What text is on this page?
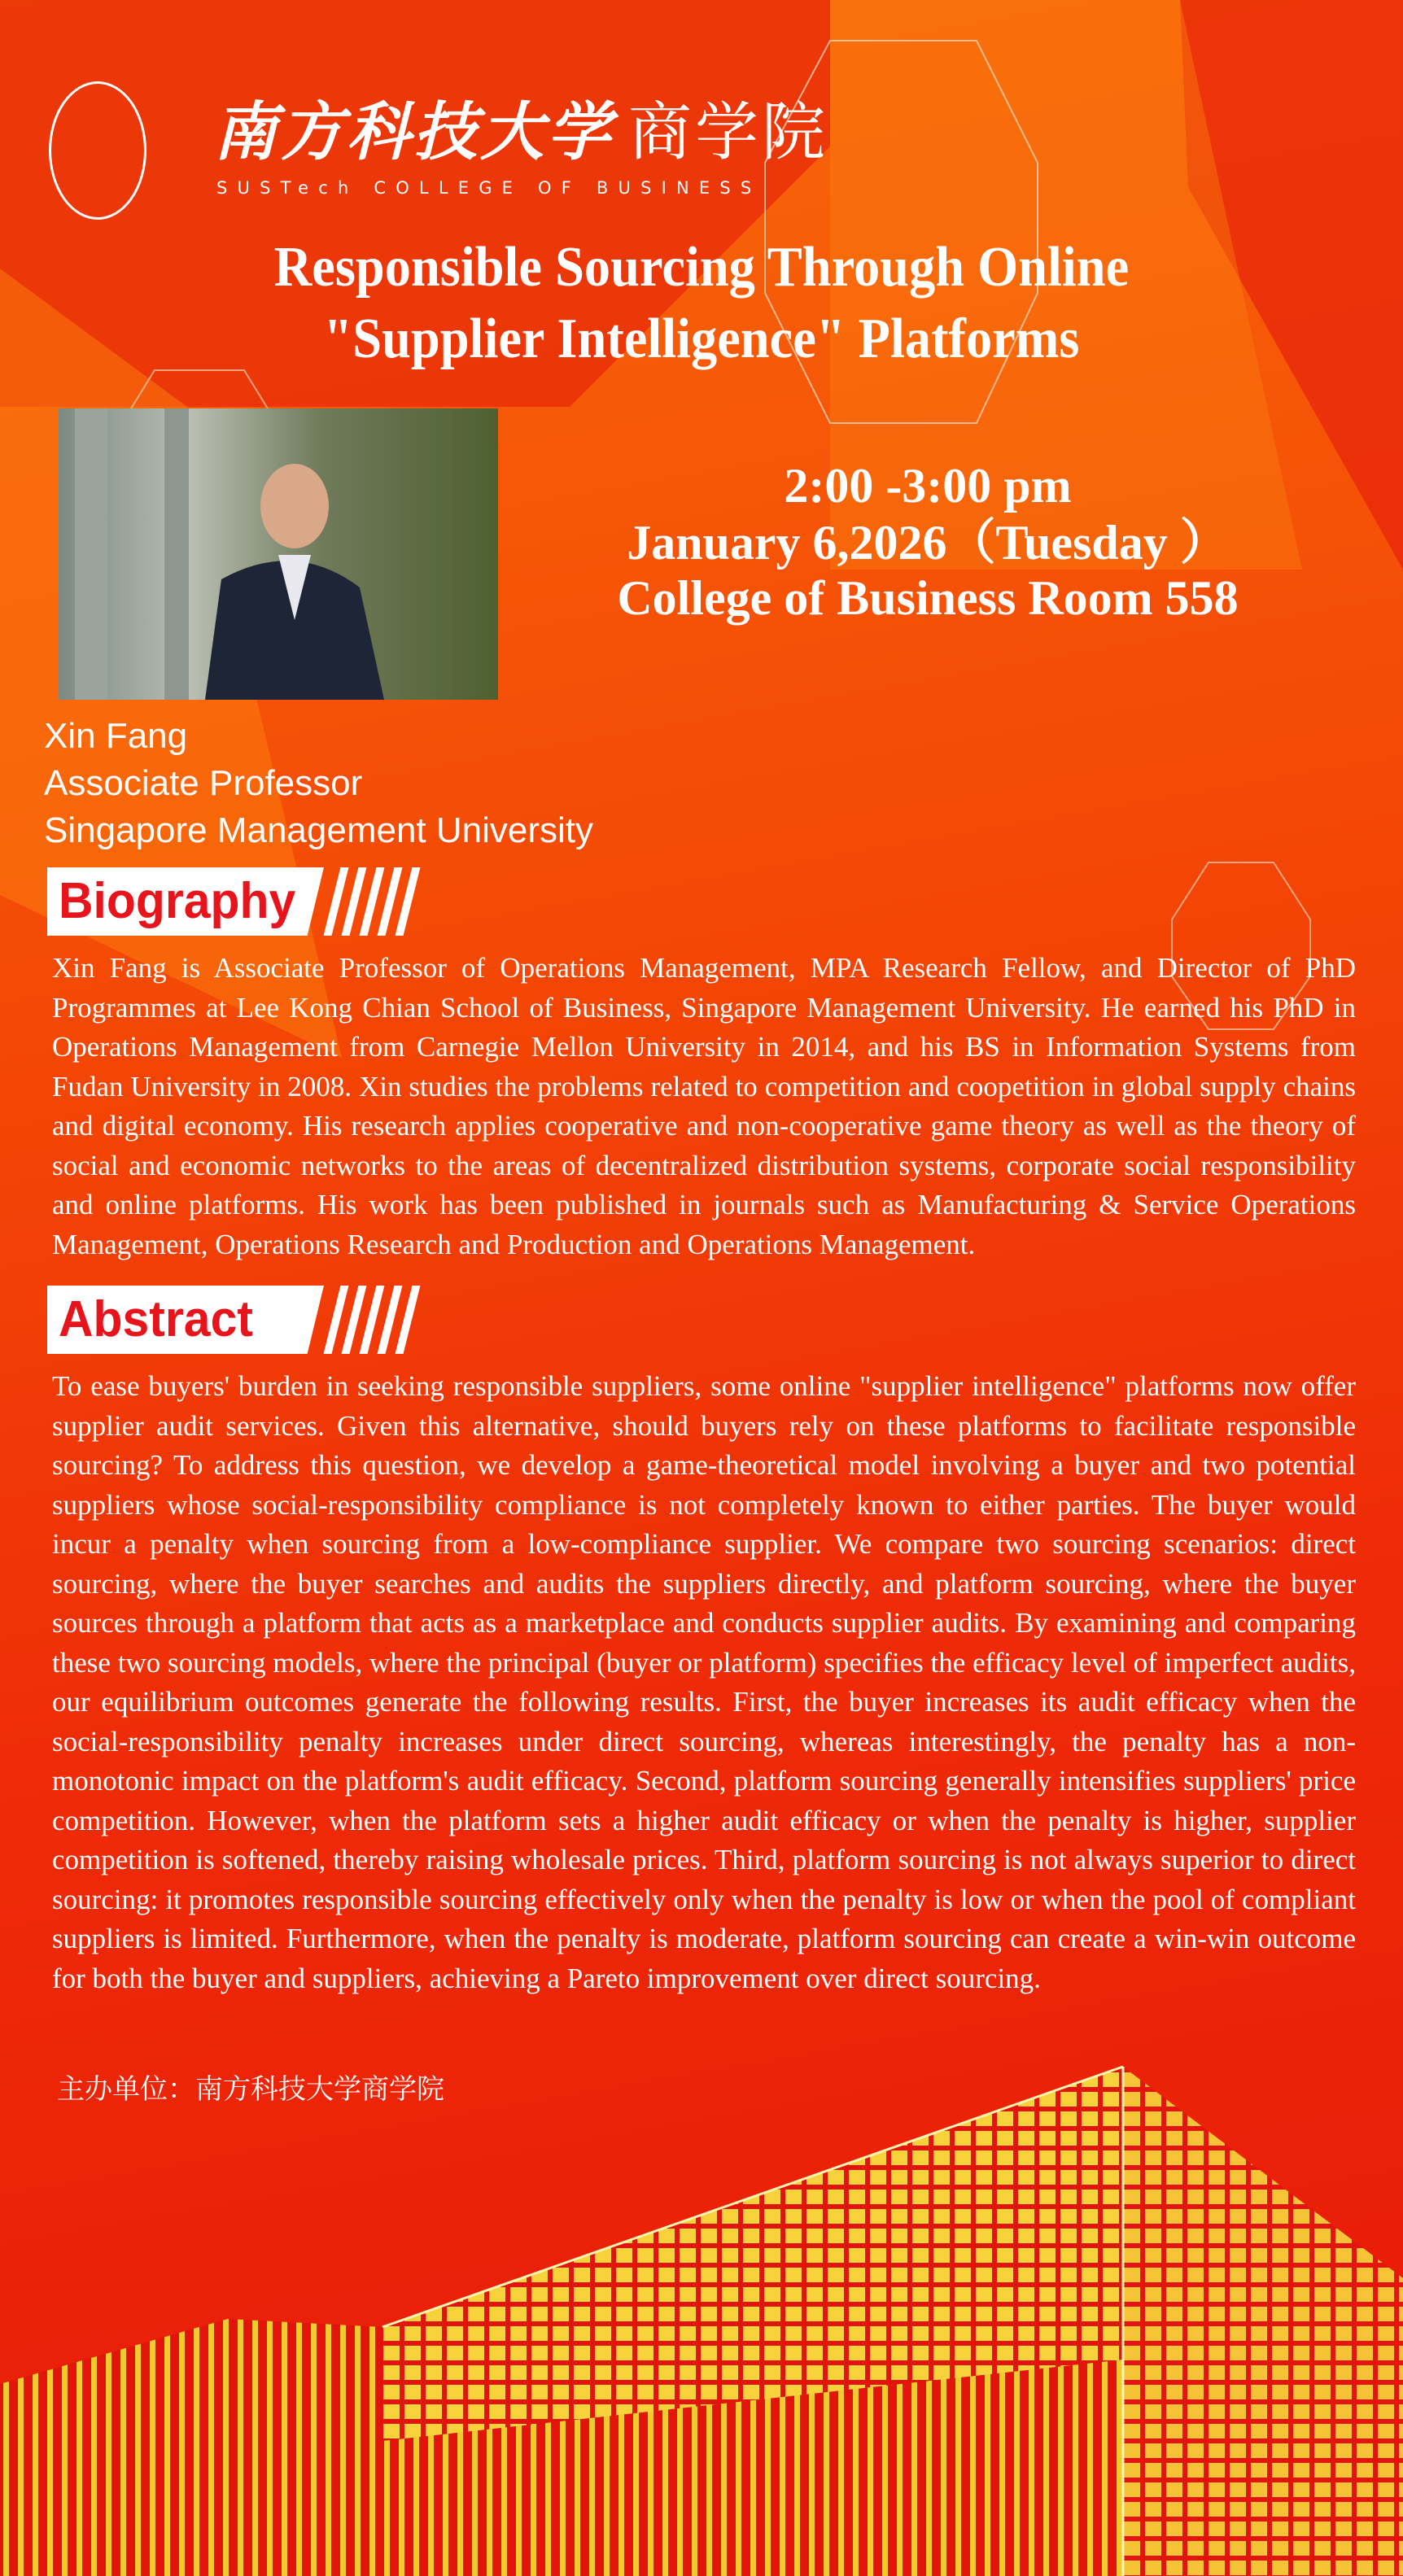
南方科技大学 商学院
SUSTech COLLEGE OF BUSINESS
Responsible Sourcing Through Online
"Supplier Intelligence" Platforms
2:00 -3:00 pm
January 6,2026（Tuesday ）
College of Business Room 558
Xin Fang
Associate Professor
Singapore Management University
Biography
Xin Fang is Associate Professor of Operations Management, MPA Research Fellow, and Director of PhD Programmes at Lee Kong Chian School of Business, Singapore Management University. He earned his PhD in Operations Management from Carnegie Mellon University in 2014, and his BS in Information Systems from Fudan University in 2008. Xin studies the problems related to competition and coopetition in global supply chains and digital economy. His research applies cooperative and non-cooperative game theory as well as the theory of social and economic networks to the areas of decentralized distribution systems, corporate social responsibility and online platforms. His work has been published in journals such as Manufacturing & Service Operations Management, Operations Research and Production and Operations Management.
Abstract
To ease buyers' burden in seeking responsible suppliers, some online "supplier intelligence" platforms now offer supplier audit services. Given this alternative, should buyers rely on these platforms to facilitate responsible sourcing? To address this question, we develop a game-theoretical model involving a buyer and two potential suppliers whose social-responsibility compliance is not completely known to either parties. The buyer would incur a penalty when sourcing from a low-compliance supplier. We compare two sourcing scenarios: direct sourcing, where the buyer searches and audits the suppliers directly, and platform sourcing, where the buyer sources through a platform that acts as a marketplace and conducts supplier audits. By examining and comparing these two sourcing models, where the principal (buyer or platform) specifies the efficacy level of imperfect audits, our equilibrium outcomes generate the following results. First, the buyer increases its audit efficacy when the social-responsibility penalty increases under direct sourcing, whereas interestingly, the penalty has a non-monotonic impact on the platform's audit efficacy. Second, platform sourcing generally intensifies suppliers' price competition. However, when the platform sets a higher audit efficacy or when the penalty is higher, supplier competition is softened, thereby raising wholesale prices. Third, platform sourcing is not always superior to direct sourcing: it promotes responsible sourcing effectively only when the penalty is low or when the pool of compliant suppliers is limited. Furthermore, when the penalty is moderate, platform sourcing can create a win-win outcome for both the buyer and suppliers, achieving a Pareto improvement over direct sourcing.
主办单位：南方科技大学商学院
